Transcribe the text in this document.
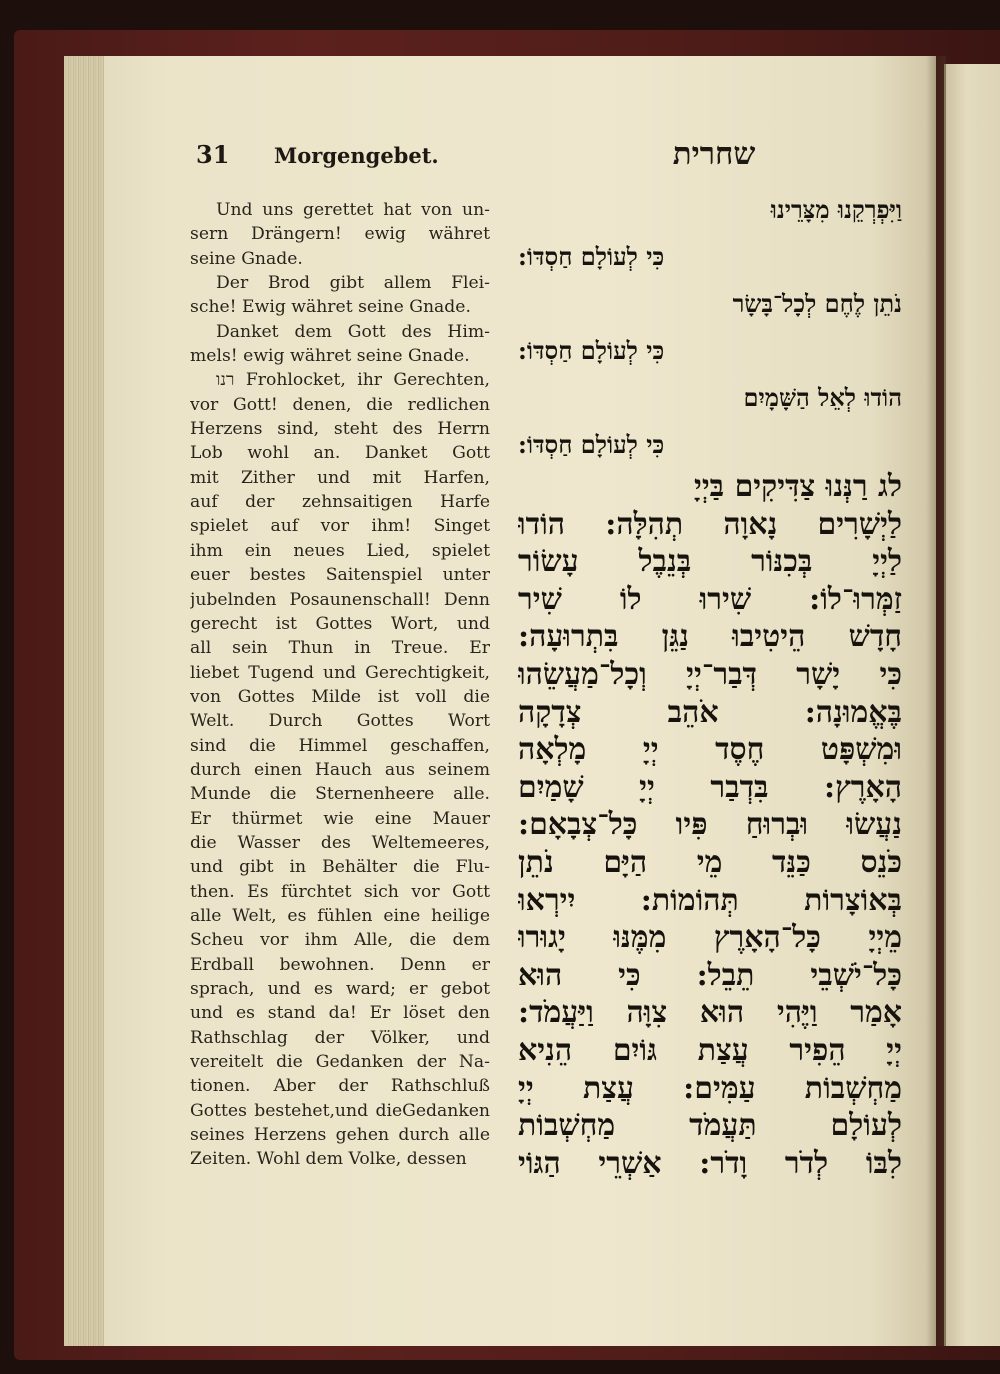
31	Morgengebet.	שחרית
Und uns gerettet hat von un-
sern Drängern! ewig währet
seine Gnade.
Der Brod gibt allem Flei-
sche! Ewig währet seine Gnade.
Danket dem Gott des Him-
mels! ewig währet seine Gnade.
רנו Frohlocket, ihr Gerechten,
vor Gott! denen, die redlichen
Herzens sind, steht des Herrn
Lob wohl an. Danket Gott
mit Zither und mit Harfen,
auf der zehnsaitigen Harfe
spielet auf vor ihm! Singet
ihm ein neues Lied, spielet
euer bestes Saitenspiel unter
jubelnden Posaunenschall! Denn
gerecht ist Gottes Wort, und
all sein Thun in Treue. Er
liebet Tugend und Gerechtigkeit,
von Gottes Milde ist voll die
Welt. Durch Gottes Wort
sind die Himmel geschaffen,
durch einen Hauch aus seinem
Munde die Sternenheere alle.
Er thürmet wie eine Mauer
die Wasser des Weltemeeres,
und gibt in Behälter die Flu-
then. Es fürchtet sich vor Gott
alle Welt, es fühlen eine heilige
Scheu vor ihm Alle, die dem
Erdball bewohnen. Denn er
sprach, und es ward; er gebot
und es stand da! Er löset den
Rathschlag der Völker, und
vereitelt die Gedanken der Na-
tionen. Aber der Rathschluß
Gottes bestehet,und dieGedanken
seines Herzens gehen durch alle
Zeiten. Wohl dem Volke, dessen
וַיִּפְרְקֵנוּ מִצָּרֵינוּ
כִּי לְעוֹלָם חַסְדּוֹ:
נֹתֵן לֶחֶם לְכָל־בָּשָׂר
כִּי לְעוֹלָם חַסְדּוֹ:
הוֹדוּ לְאֵל הַשָּׁמָיִם
כִּי לְעוֹלָם חַסְדּוֹ:
לג רַנְּנוּ צַדִּיקִים בַּיְיָ
לַיְשָׁרִים נָאוָה תְהִלָּה: הוֹדוּ
לַיְיָ בְּכִנּוֹר בְּנֵבֶל עָשׂוֹר
זַמְּרוּ־לוֹ: שִׁירוּ לוֹ שִׁיר
חָדָשׁ הֵיטִיבוּ נַגֵּן בִּתְרוּעָה:
כִּי יָשָׁר דְּבַר־יְיָ וְכָל־מַעֲשֵׂהוּ
בֶּאֱמוּנָה: אֹהֵב צְדָקָה
וּמִשְׁפָּט חֶסֶד יְיָ מָלְאָה
הָאָרֶץ: בִּדְבַר יְיָ שָׁמַיִם
נַעֲשׂוּ וּבְרוּחַ פִּיו כָּל־צְבָאָם:
כֹּנֵס כַּנֵּד מֵי הַיָּם נֹתֵן
בְּאוֹצָרוֹת תְּהוֹמוֹת: יִירְאוּ
מֵיְיָ כָּל־הָאָרֶץ מִמֶּנּוּ יָגוּרוּ
כָּל־יֹשְׁבֵי תֵבֵל: כִּי הוּא
אָמַר וַיֶּהִי הוּא צִוָּה וַיַּעֲמֹד:
יְיָ הֵפִיר עֲצַת גּוֹיִם הֵנִיא
מַחְשְׁבוֹת עַמִּים: עֲצַת יְיָ
לְעוֹלָם תַּעֲמֹד מַחְשְׁבוֹת
לִבּוֹ לְדֹר וָדֹר: אַשְׁרֵי הַגּוֹי
